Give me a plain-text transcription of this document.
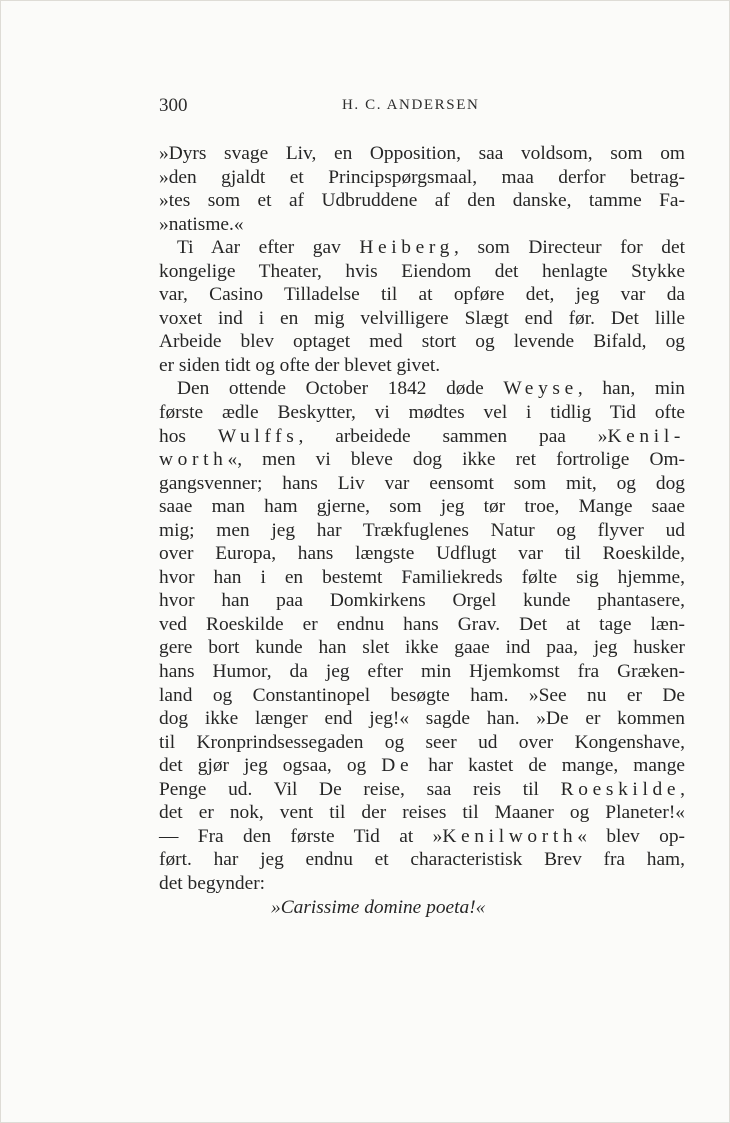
300	H. C. ANDERSEN
»Dyrs svage Liv, en Opposition, saa voldsom, som om
»den gjaldt et Principspørgsmaal, maa derfor betrag-
»tes som et af Udbruddene af den danske, tamme Fa-
»natisme.«
Ti Aar efter gav Heiberg, som Directeur for det
kongelige Theater, hvis Eiendom det henlagte Stykke
var, Casino Tilladelse til at opføre det, jeg var da
voxet ind i en mig velvilligere Slægt end før. Det lille
Arbeide blev optaget med stort og levende Bifald, og
er siden tidt og ofte der blevet givet.
Den ottende October 1842 døde Weyse, han, min
første ædle Beskytter, vi mødtes vel i tidlig Tid ofte
hos Wulffs, arbeidede sammen paa »Kenil-
worth«, men vi bleve dog ikke ret fortrolige Om-
gangsvenner; hans Liv var eensomt som mit, og dog
saae man ham gjerne, som jeg tør troe, Mange saae
mig; men jeg har Trækfuglenes Natur og flyver ud
over Europa, hans længste Udflugt var til Roeskilde,
hvor han i en bestemt Familiekreds følte sig hjemme,
hvor han paa Domkirkens Orgel kunde phantasere,
ved Roeskilde er endnu hans Grav. Det at tage læn-
gere bort kunde han slet ikke gaae ind paa, jeg husker
hans Humor, da jeg efter min Hjemkomst fra Græken-
land og Constantinopel besøgte ham. »See nu er De
dog ikke længer end jeg!« sagde han. »De er kommen
til Kronprindsessegaden og seer ud over Kongenshave,
det gjør jeg ogsaa, og De har kastet de mange, mange
Penge ud. Vil De reise, saa reis til Roeskilde,
det er nok, vent til der reises til Maaner og Planeter!«
— Fra den første Tid at »Kenilworth« blev op-
ført. har jeg endnu et characteristisk Brev fra ham,
det begynder:
»Carissime domine poeta!«
